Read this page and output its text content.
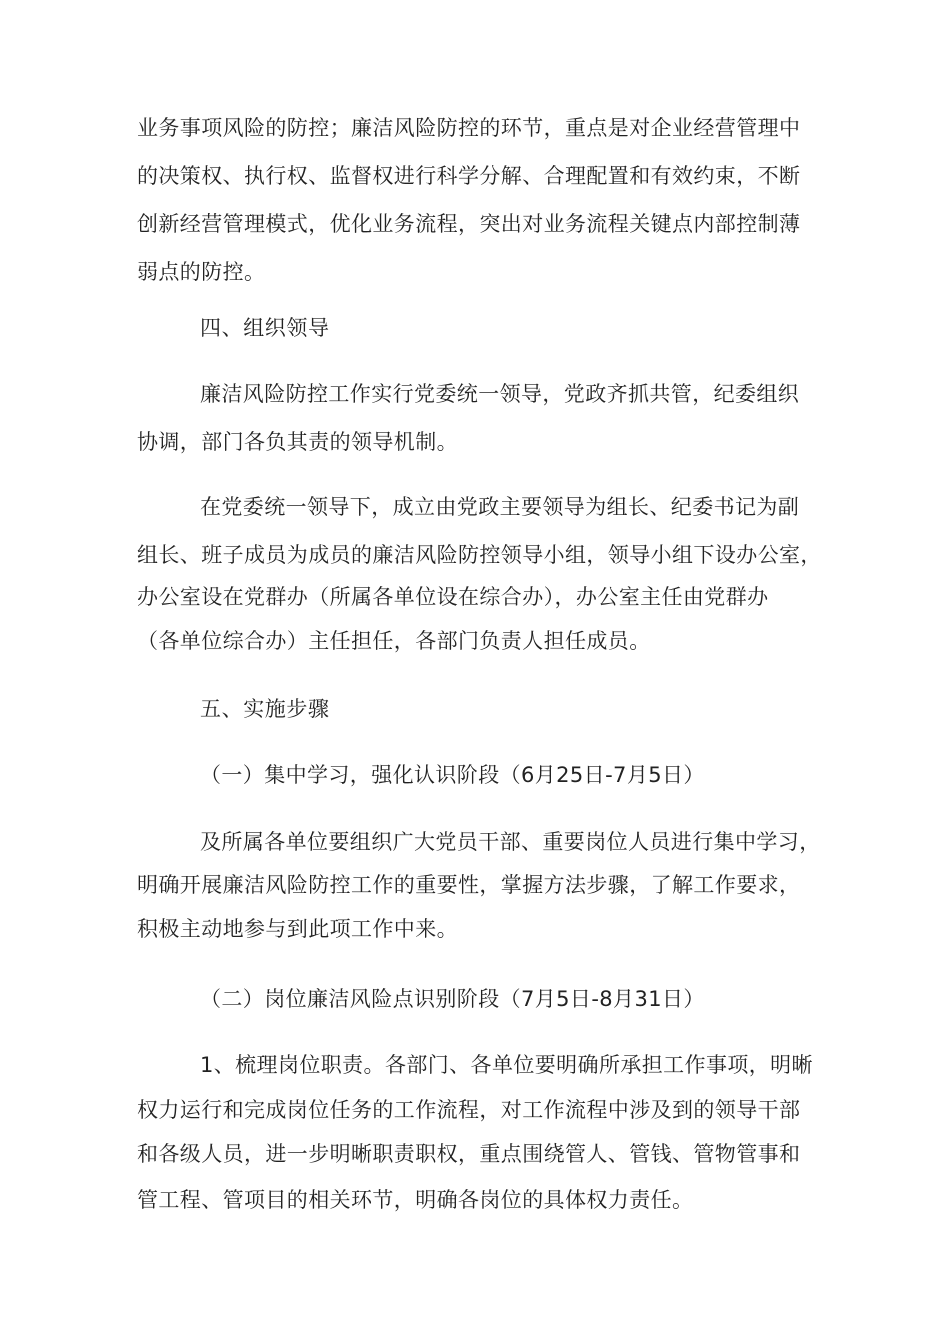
业务事项风险的防控；廉洁风险防控的环节，重点是对企业经营管理中
的决策权、执行权、监督权进行科学分解、合理配置和有效约束，不断
创新经营管理模式，优化业务流程，突出对业务流程关键点内部控制薄
弱点的防控。
四、组织领导
廉洁风险防控工作实行党委统一领导，党政齐抓共管，纪委组织
协调，部门各负其责的领导机制。
在党委统一领导下，成立由党政主要领导为组长、纪委书记为副
组长、班子成员为成员的廉洁风险防控领导小组，领导小组下设办公室，
办公室设在党群办（所属各单位设在综合办），办公室主任由党群办
（各单位综合办）主任担任，各部门负责人担任成员。
五、实施步骤
（一）集中学习，强化认识阶段（6月25日-7月5日）
及所属各单位要组织广大党员干部、重要岗位人员进行集中学习，
明确开展廉洁风险防控工作的重要性，掌握方法步骤，了解工作要求，
积极主动地参与到此项工作中来。
（二）岗位廉洁风险点识别阶段（7月5日-8月31日）
1、梳理岗位职责。各部门、各单位要明确所承担工作事项，明晰
权力运行和完成岗位任务的工作流程，对工作流程中涉及到的领导干部
和各级人员，进一步明晰职责职权，重点围绕管人、管钱、管物管事和
管工程、管项目的相关环节，明确各岗位的具体权力责任。
